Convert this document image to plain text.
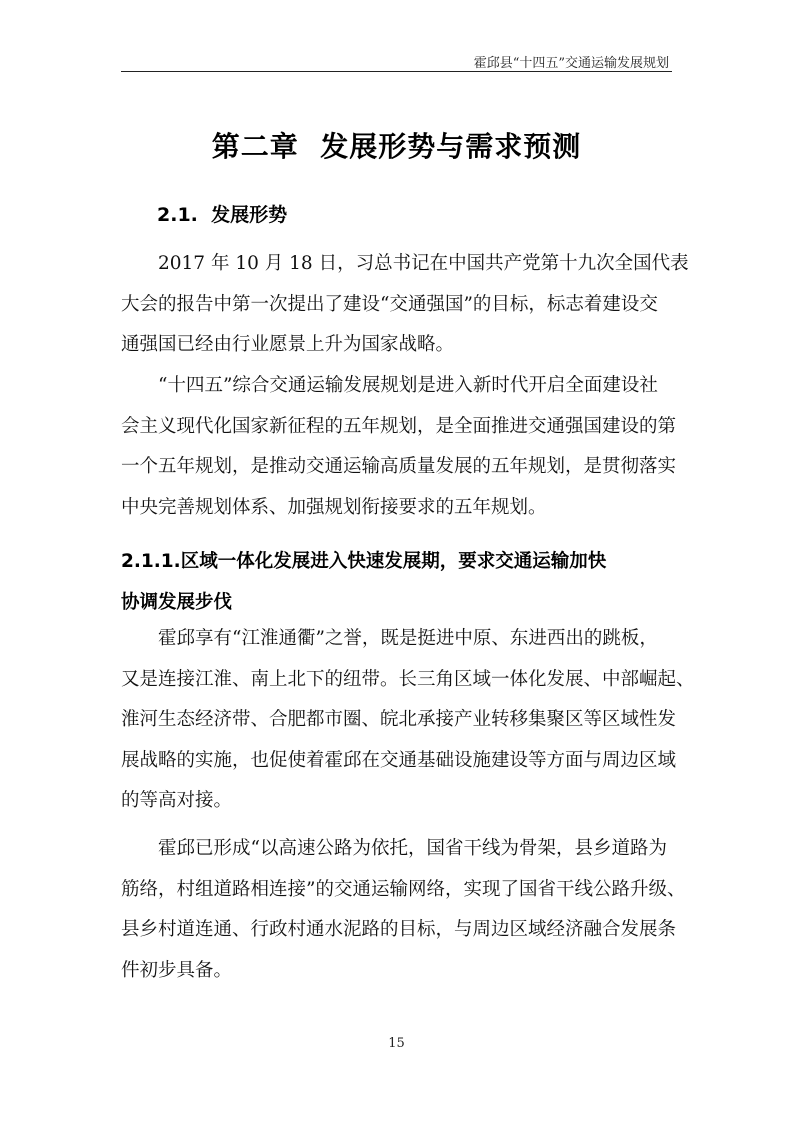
霍邱县“十四五”交通运输发展规划
第二章  发展形势与需求预测
2.1.  发展形势
2017 年 10 月 18 日，习总书记在中国共产党第十九次全国代表
大会的报告中第一次提出了建设“交通强国”的目标，标志着建设交
通强国已经由行业愿景上升为国家战略。
“十四五”综合交通运输发展规划是进入新时代开启全面建设社
会主义现代化国家新征程的五年规划，是全面推进交通强国建设的第
一个五年规划，是推动交通运输高质量发展的五年规划，是贯彻落实
中央完善规划体系、加强规划衔接要求的五年规划。
2.1.1.区域一体化发展进入快速发展期，要求交通运输加快
协调发展步伐
霍邱享有“江淮通衢”之誉，既是挺进中原、东进西出的跳板，
又是连接江淮、南上北下的纽带。长三角区域一体化发展、中部崛起、
淮河生态经济带、合肥都市圈、皖北承接产业转移集聚区等区域性发
展战略的实施，也促使着霍邱在交通基础设施建设等方面与周边区域
的等高对接。
霍邱已形成“以高速公路为依托，国省干线为骨架，县乡道路为
筋络，村组道路相连接”的交通运输网络，实现了国省干线公路升级、
县乡村道连通、行政村通水泥路的目标，与周边区域经济融合发展条
件初步具备。
15
